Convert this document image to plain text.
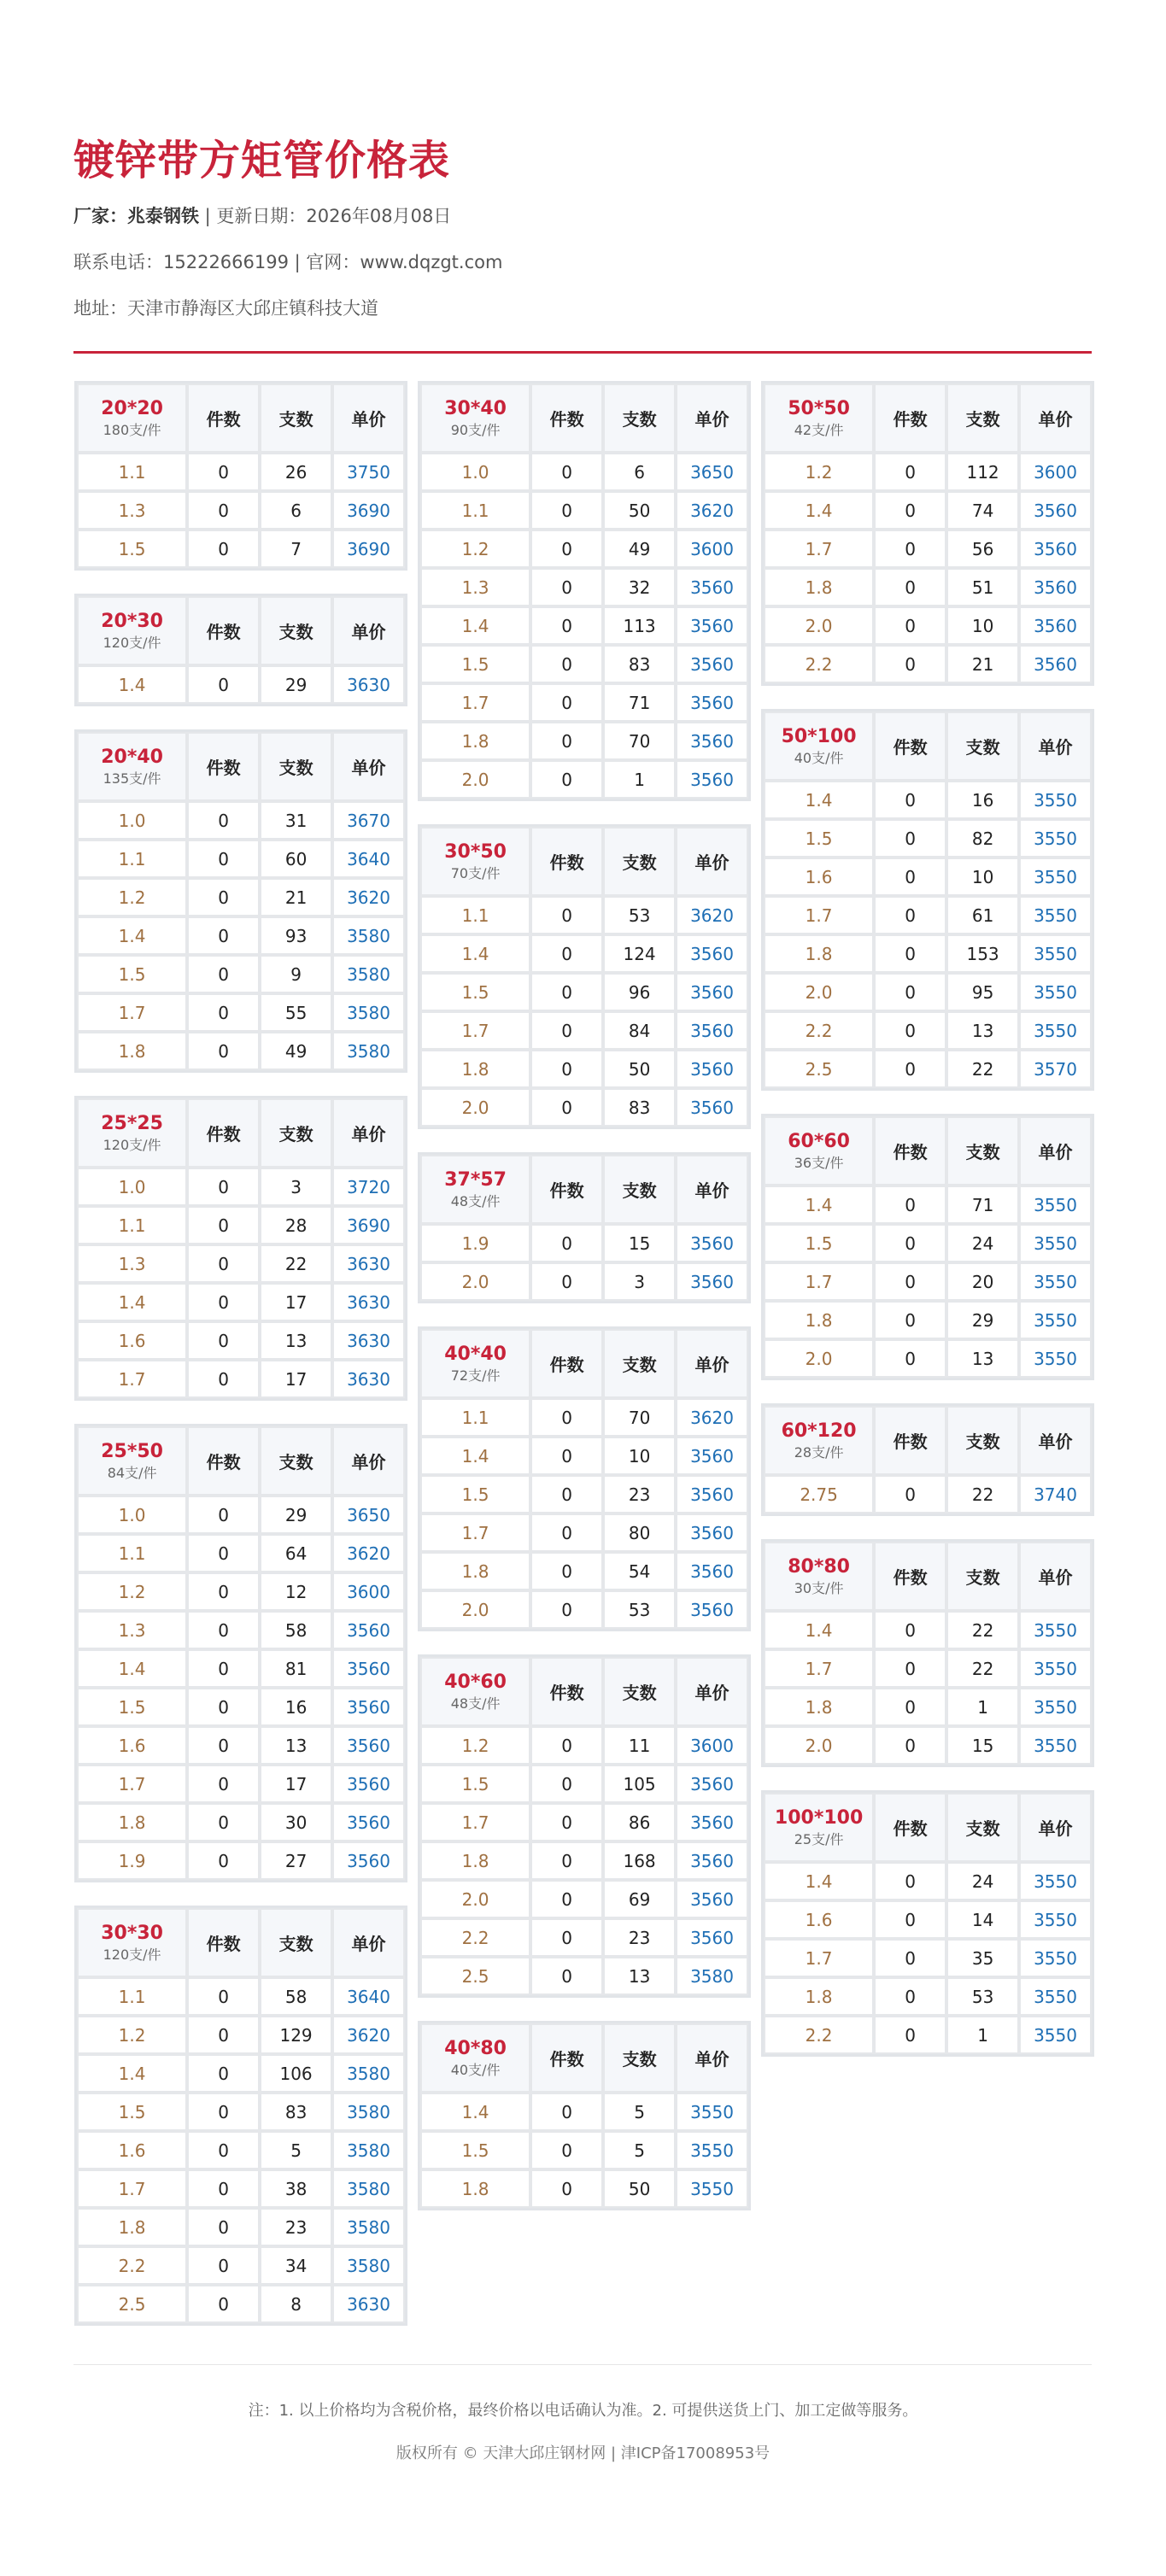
镀锌带方矩管价格表
厂家：兆泰钢铁 | 更新日期：2026年08月08日
联系电话：15222666199 | 官网：www.dqzgt.com
地址：天津市静海区大邱庄镇科技大道
20*20
180支/件	件数	支数	单价
1.1	0	26	3750
1.3	0	6	3690
1.5	0	7	3690
20*30
120支/件	件数	支数	单价
1.4	0	29	3630
20*40
135支/件	件数	支数	单价
1.0	0	31	3670
1.1	0	60	3640
1.2	0	21	3620
1.4	0	93	3580
1.5	0	9	3580
1.7	0	55	3580
1.8	0	49	3580
25*25
120支/件	件数	支数	单价
1.0	0	3	3720
1.1	0	28	3690
1.3	0	22	3630
1.4	0	17	3630
1.6	0	13	3630
1.7	0	17	3630
25*50
84支/件	件数	支数	单价
1.0	0	29	3650
1.1	0	64	3620
1.2	0	12	3600
1.3	0	58	3560
1.4	0	81	3560
1.5	0	16	3560
1.6	0	13	3560
1.7	0	17	3560
1.8	0	30	3560
1.9	0	27	3560
30*30
120支/件	件数	支数	单价
1.1	0	58	3640
1.2	0	129	3620
1.4	0	106	3580
1.5	0	83	3580
1.6	0	5	3580
1.7	0	38	3580
1.8	0	23	3580
2.2	0	34	3580
2.5	0	8	3630
30*40
90支/件	件数	支数	单价
1.0	0	6	3650
1.1	0	50	3620
1.2	0	49	3600
1.3	0	32	3560
1.4	0	113	3560
1.5	0	83	3560
1.7	0	71	3560
1.8	0	70	3560
2.0	0	1	3560
30*50
70支/件	件数	支数	单价
1.1	0	53	3620
1.4	0	124	3560
1.5	0	96	3560
1.7	0	84	3560
1.8	0	50	3560
2.0	0	83	3560
37*57
48支/件	件数	支数	单价
1.9	0	15	3560
2.0	0	3	3560
40*40
72支/件	件数	支数	单价
1.1	0	70	3620
1.4	0	10	3560
1.5	0	23	3560
1.7	0	80	3560
1.8	0	54	3560
2.0	0	53	3560
40*60
48支/件	件数	支数	单价
1.2	0	11	3600
1.5	0	105	3560
1.7	0	86	3560
1.8	0	168	3560
2.0	0	69	3560
2.2	0	23	3560
2.5	0	13	3580
40*80
40支/件	件数	支数	单价
1.4	0	5	3550
1.5	0	5	3550
1.8	0	50	3550
50*50
42支/件	件数	支数	单价
1.2	0	112	3600
1.4	0	74	3560
1.7	0	56	3560
1.8	0	51	3560
2.0	0	10	3560
2.2	0	21	3560
50*100
40支/件	件数	支数	单价
1.4	0	16	3550
1.5	0	82	3550
1.6	0	10	3550
1.7	0	61	3550
1.8	0	153	3550
2.0	0	95	3550
2.2	0	13	3550
2.5	0	22	3570
60*60
36支/件	件数	支数	单价
1.4	0	71	3550
1.5	0	24	3550
1.7	0	20	3550
1.8	0	29	3550
2.0	0	13	3550
60*120
28支/件	件数	支数	单价
2.75	0	22	3740
80*80
30支/件	件数	支数	单价
1.4	0	22	3550
1.7	0	22	3550
1.8	0	1	3550
2.0	0	15	3550
100*100
25支/件	件数	支数	单价
1.4	0	24	3550
1.6	0	14	3550
1.7	0	35	3550
1.8	0	53	3550
2.2	0	1	3550
注：1. 以上价格均为含税价格，最终价格以电话确认为准。2. 可提供送货上门、加工定做等服务。
版权所有 © 天津大邱庄钢材网 | 津ICP备17008953号
